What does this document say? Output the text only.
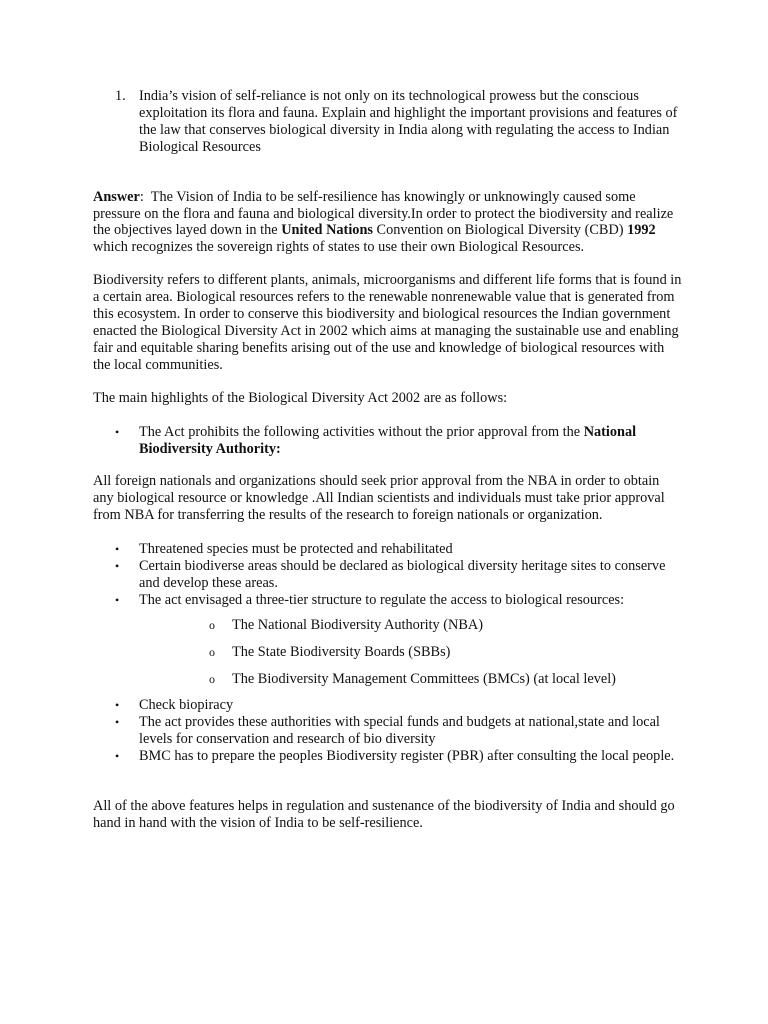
1. India’s vision of self-reliance is not only on its technological prowess but the conscious exploitation its flora and fauna. Explain and highlight the important provisions and features of the law that conserves biological diversity in India along with regulating the access to Indian Biological Resources

Answer:  The Vision of India to be self-resilience has knowingly or unknowingly caused some pressure on the flora and fauna and biological diversity.In order to protect the biodiversity and realize the objectives layed down in the United Nations Convention on Biological Diversity (CBD) 1992 which recognizes the sovereign rights of states to use their own Biological Resources.

Biodiversity refers to different plants, animals, microorganisms and different life forms that is found in a certain area. Biological resources refers to the renewable nonrenewable value that is generated from this ecosystem. In order to conserve this biodiversity and biological resources the Indian government enacted the Biological Diversity Act in 2002 which aims at managing the sustainable use and enabling fair and equitable sharing benefits arising out of the use and knowledge of biological resources with the local communities.

The main highlights of the Biological Diversity Act 2002 are as follows:

• The Act prohibits the following activities without the prior approval from the National Biodiversity Authority:

All foreign nationals and organizations should seek prior approval from the NBA in order to obtain any biological resource or knowledge .All Indian scientists and individuals must take prior approval from NBA for transferring the results of the research to foreign nationals or organization.

• Threatened species must be protected and rehabilitated
• Certain biodiverse areas should be declared as biological diversity heritage sites to conserve and develop these areas.
• The act envisaged a three-tier structure to regulate the access to biological resources:
o The National Biodiversity Authority (NBA)
o The State Biodiversity Boards (SBBs)
o The Biodiversity Management Committees (BMCs) (at local level)
• Check biopiracy
• The act provides these authorities with special funds and budgets at national,state and local levels for conservation and research of bio diversity
• BMC has to prepare the peoples Biodiversity register (PBR) after consulting the local people.

All of the above features helps in regulation and sustenance of the biodiversity of India and should go hand in hand with the vision of India to be self-resilience.
